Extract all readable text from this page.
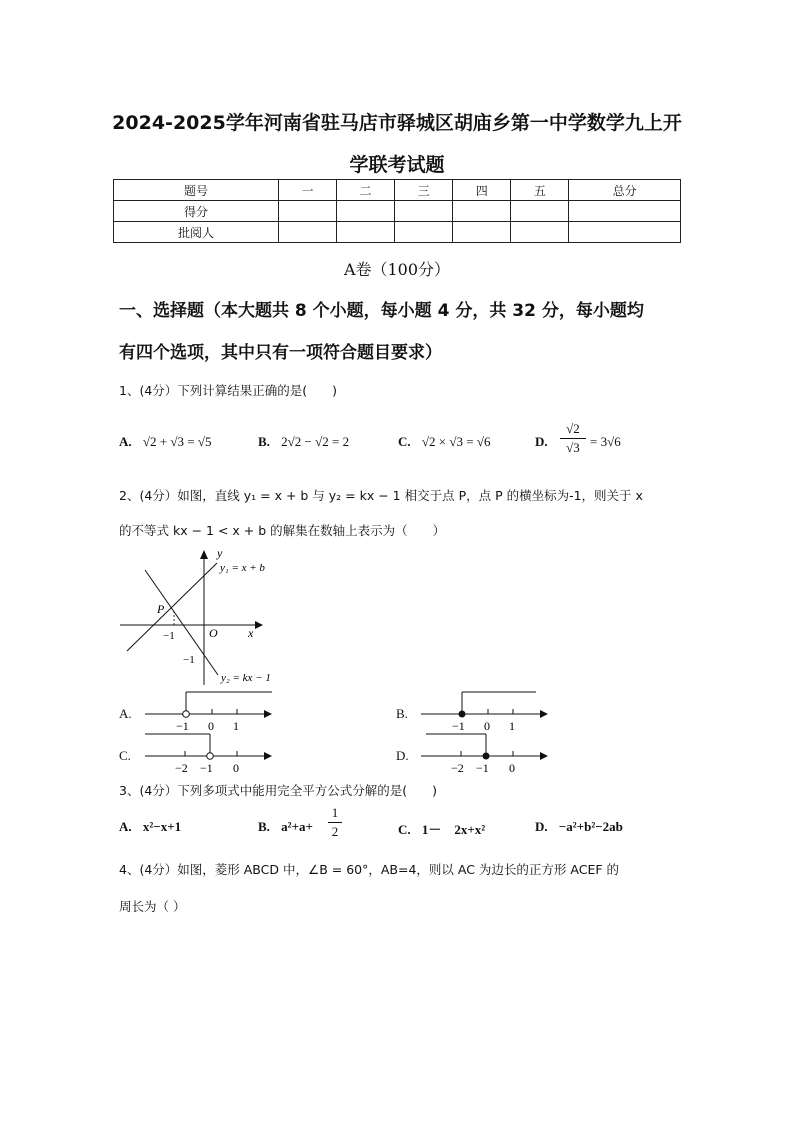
2024-2025学年河南省驻马店市驿城区胡庙乡第一中学数学九上开
学联考试题
题号	一	二	三	四	五	总分
得分						
批阅人						
A卷（100分）
一、选择题（本大题共 8 个小题，每小题 4 分，共 32 分，每小题均
有四个选项，其中只有一项符合题目要求）
1、(4分）下列计算结果正确的是(　　)
A. √2 + √3 = √5	B. 2√2 − √2 = 2	C. √2 × √3 = √6	D.
√2
√3 = 3√6
2、(4分）如图，直线 y₁ = x + b 与 y₂ = kx − 1 相交于点 P，点 P 的横坐标为-1，则关于 x
的不等式 kx − 1 < x + b 的解集在数轴上表示为（　　）
y
x
O
P
−1
−1
y₁ = x + b
y₂ = kx − 1
A.
−1 0 1
B.
−1 0 1
C.
−2 −1 0
D.
−2 −1 0
3、(4分）下列多项式中能用完全平方公式分解的是(　　)
A. x²−x+1	B. a²+a+
1
2	C. 1－　2x+x²	D. −a²+b²−2ab
4、(4分）如图，菱形 ABCD 中，∠B = 60°，AB=4，则以 AC 为边长的正方形 ACEF 的
周长为（ ）
